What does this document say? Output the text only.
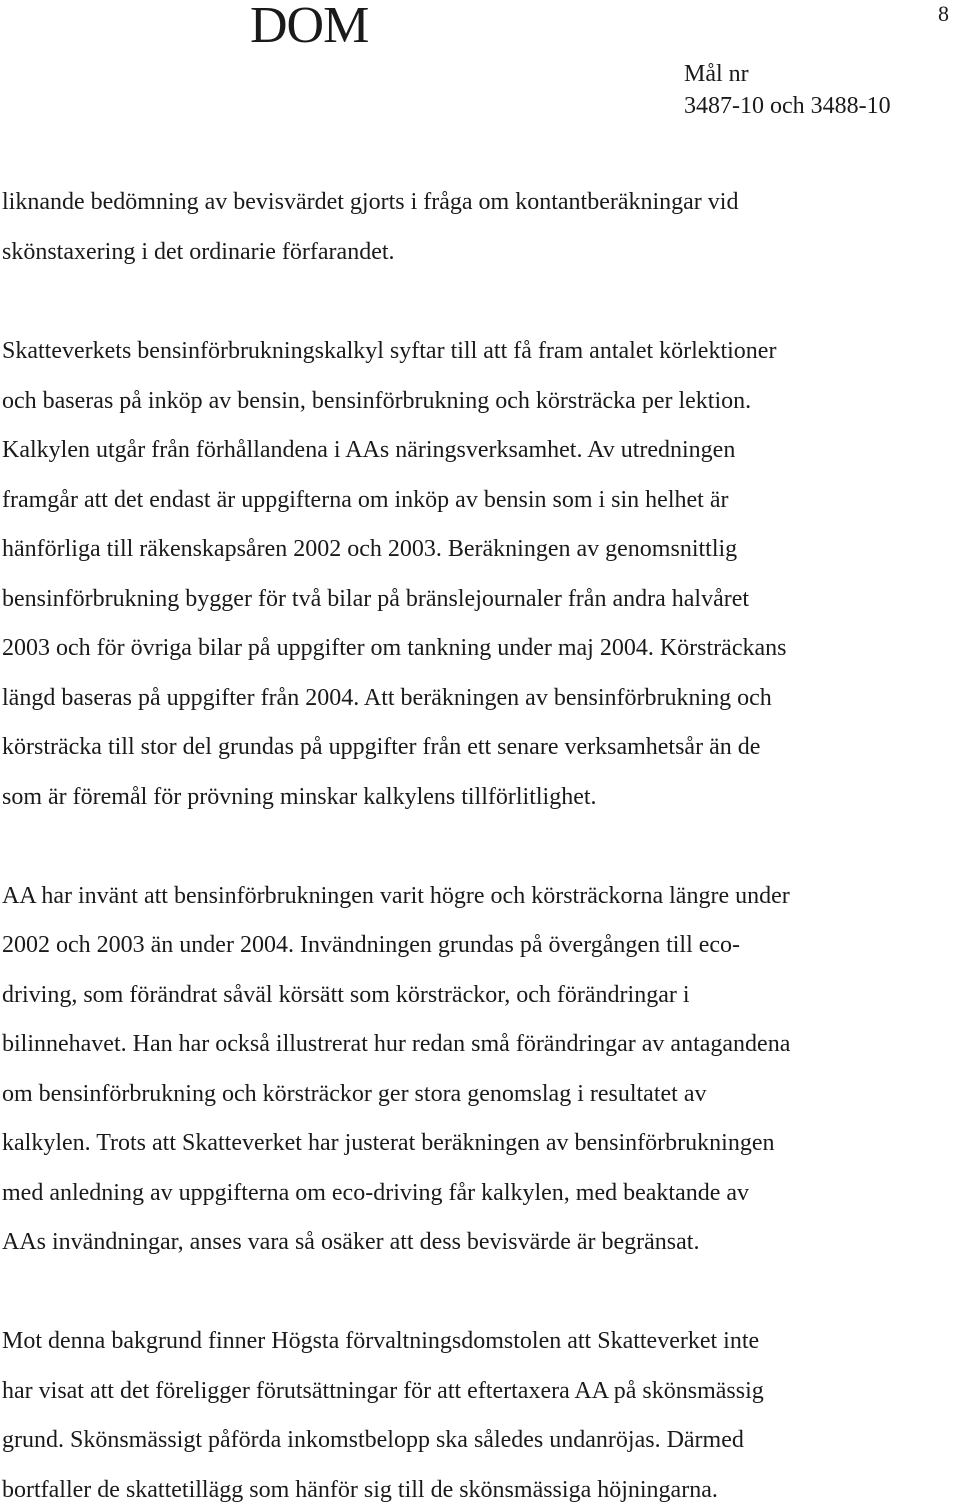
DOM	8
Mål nr
3487-10 och 3488-10
liknande bedömning av bevisvärdet gjorts i fråga om kontantberäkningar vid
skönstaxering i det ordinarie förfarandet.
Skatteverkets bensinförbrukningskalkyl syftar till att få fram antalet körlektioner
och baseras på inköp av bensin, bensinförbrukning och körsträcka per lektion.
Kalkylen utgår från förhållandena i AAs näringsverksamhet. Av utredningen
framgår att det endast är uppgifterna om inköp av bensin som i sin helhet är
hänförliga till räkenskapsåren 2002 och 2003. Beräkningen av genomsnittlig
bensinförbrukning bygger för två bilar på bränslejournaler från andra halvåret
2003 och för övriga bilar på uppgifter om tankning under maj 2004. Körsträckans
längd baseras på uppgifter från 2004. Att beräkningen av bensinförbrukning och
körsträcka till stor del grundas på uppgifter från ett senare verksamhetsår än de
som är föremål för prövning minskar kalkylens tillförlitlighet.
AA har invänt att bensinförbrukningen varit högre och körsträckorna längre under
2002 och 2003 än under 2004. Invändningen grundas på övergången till eco-
driving, som förändrat såväl körsätt som körsträckor, och förändringar i
bilinnehavet. Han har också illustrerat hur redan små förändringar av antagandena
om bensinförbrukning och körsträckor ger stora genomslag i resultatet av
kalkylen. Trots att Skatteverket har justerat beräkningen av bensinförbrukningen
med anledning av uppgifterna om eco-driving får kalkylen, med beaktande av
AAs invändningar, anses vara så osäker att dess bevisvärde är begränsat.
Mot denna bakgrund finner Högsta förvaltningsdomstolen att Skatteverket inte
har visat att det föreligger förutsättningar för att eftertaxera AA på skönsmässig
grund. Skönsmässigt påförda inkomstbelopp ska således undanröjas. Därmed
bortfaller de skattetillägg som hänför sig till de skönsmässiga höjningarna.
